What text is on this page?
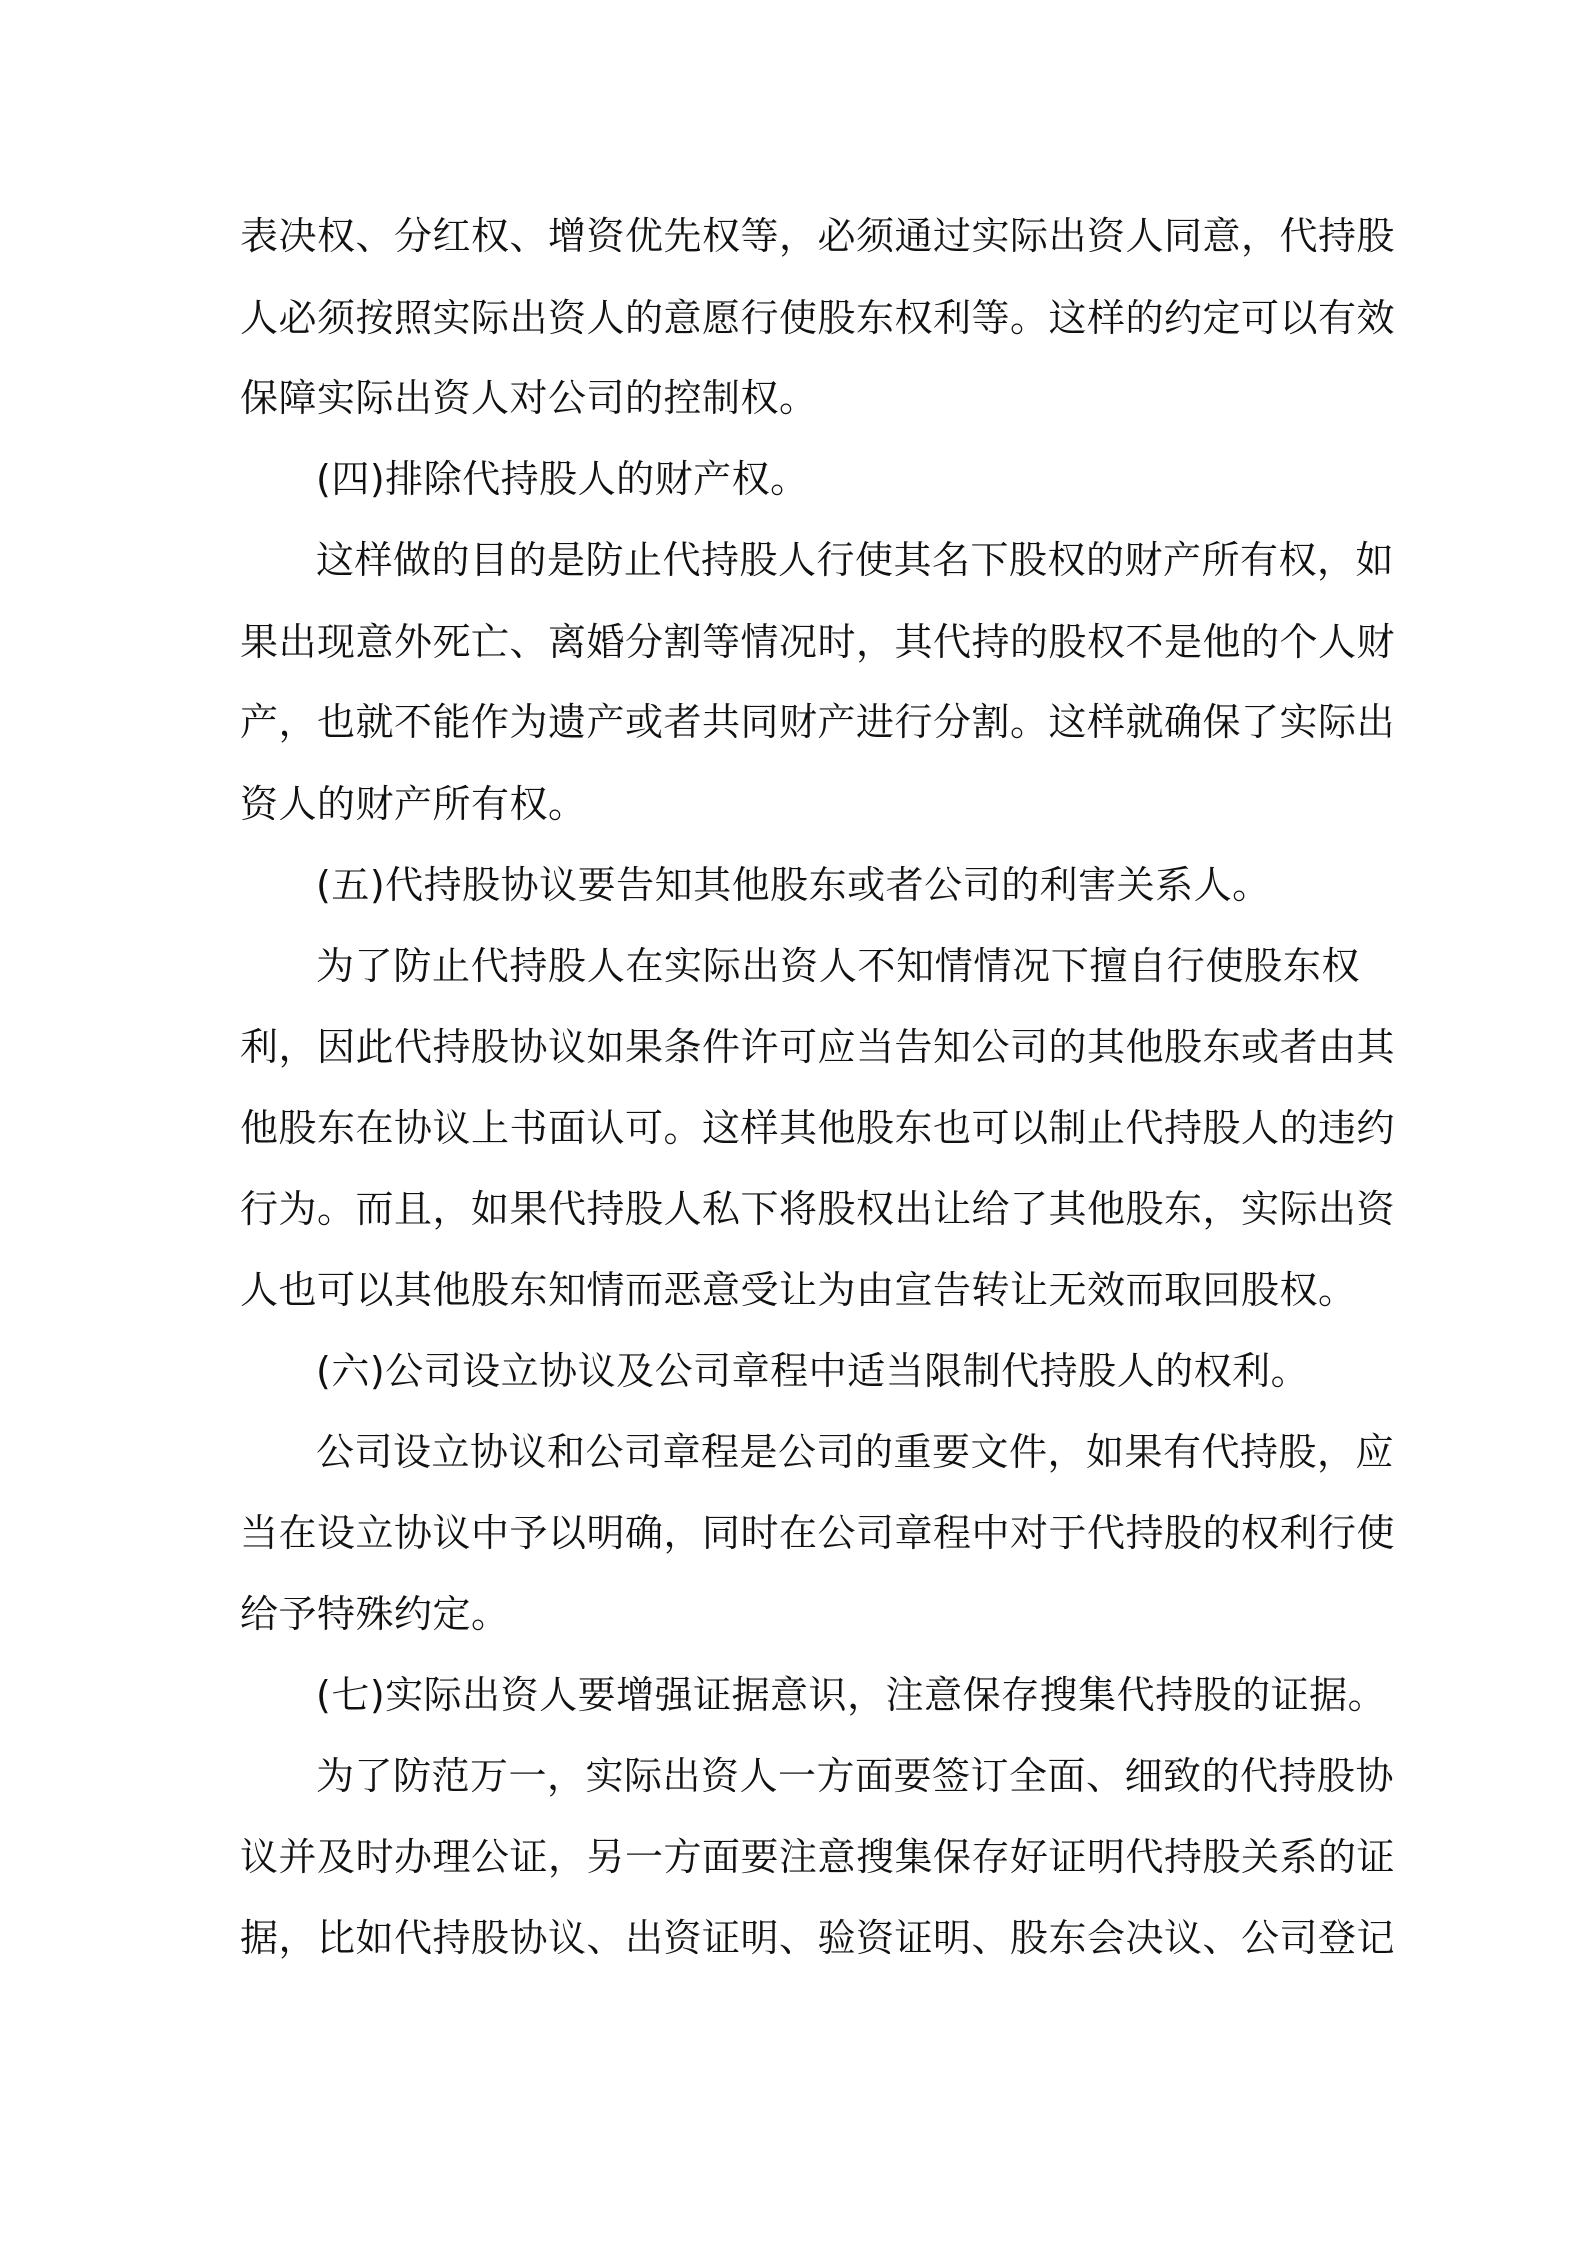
表决权、分红权、增资优先权等，必须通过实际出资人同意，代持股
人必须按照实际出资人的意愿行使股东权利等。这样的约定可以有效
保障实际出资人对公司的控制权。
(四)排除代持股人的财产权。
这样做的目的是防止代持股人行使其名下股权的财产所有权，如
果出现意外死亡、离婚分割等情况时，其代持的股权不是他的个人财
产，也就不能作为遗产或者共同财产进行分割。这样就确保了实际出
资人的财产所有权。
(五)代持股协议要告知其他股东或者公司的利害关系人。
为了防止代持股人在实际出资人不知情情况下擅自行使股东权
利，因此代持股协议如果条件许可应当告知公司的其他股东或者由其
他股东在协议上书面认可。这样其他股东也可以制止代持股人的违约
行为。而且，如果代持股人私下将股权出让给了其他股东，实际出资
人也可以其他股东知情而恶意受让为由宣告转让无效而取回股权。
(六)公司设立协议及公司章程中适当限制代持股人的权利。
公司设立协议和公司章程是公司的重要文件，如果有代持股，应
当在设立协议中予以明确，同时在公司章程中对于代持股的权利行使
给予特殊约定。
(七)实际出资人要增强证据意识，注意保存搜集代持股的证据。
为了防范万一，实际出资人一方面要签订全面、细致的代持股协
议并及时办理公证，另一方面要注意搜集保存好证明代持股关系的证
据，比如代持股协议、出资证明、验资证明、股东会决议、公司登记
